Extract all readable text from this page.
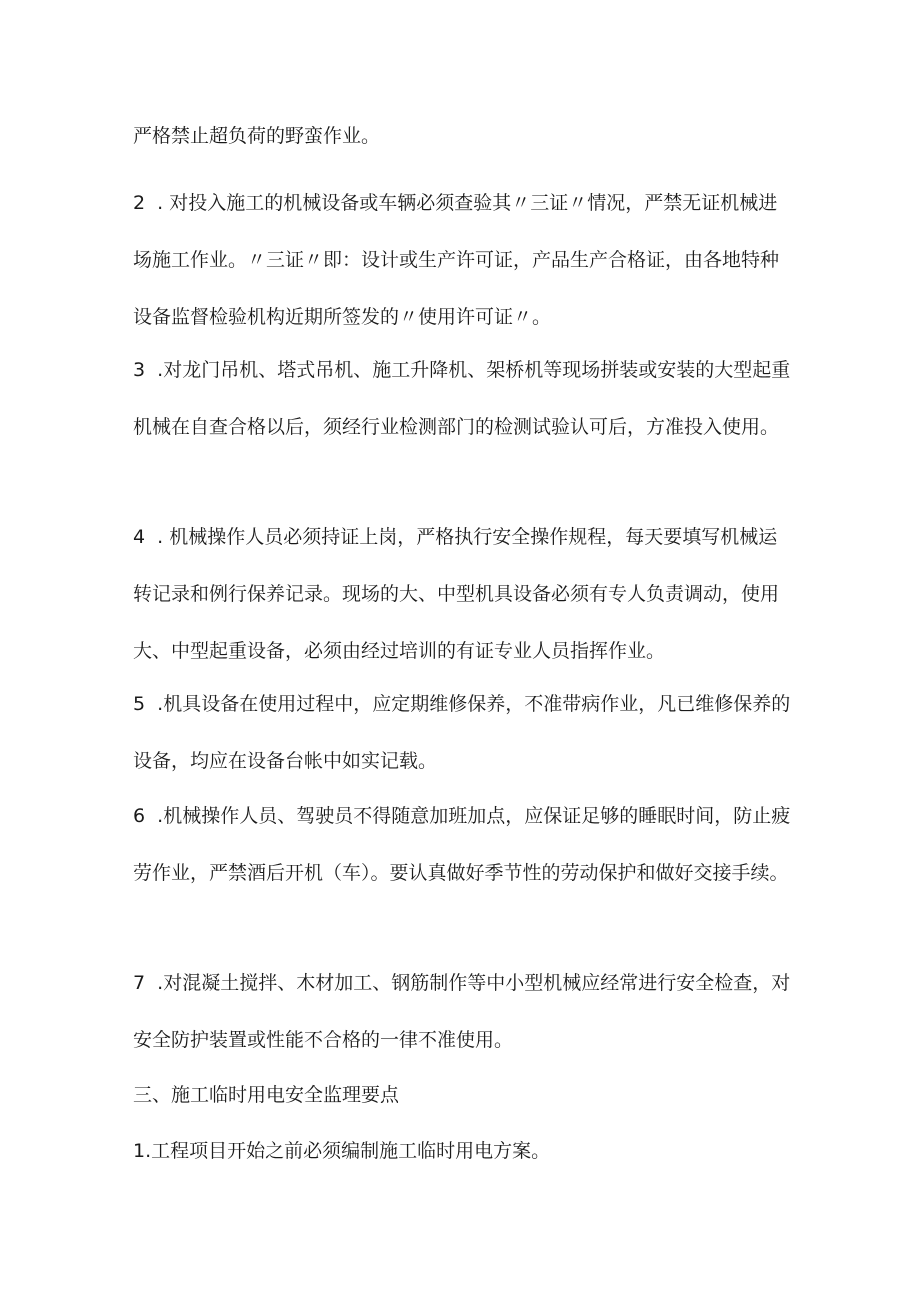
严格禁止超负荷的野蛮作业。

2  . 对投入施工的机械设备或车辆必须查验其〃三证〃情况，严禁无证机械进场施工作业。〃三证〃即：设计或生产许可证，产品生产合格证，由各地特种设备监督检验机构近期所签发的〃使用许可证〃。

3  .对龙门吊机、塔式吊机、施工升降机、架桥机等现场拼装或安装的大型起重机械在自查合格以后，须经行业检测部门的检测试验认可后，方准投入使用。

4  . 机械操作人员必须持证上岗，严格执行安全操作规程，每天要填写机械运转记录和例行保养记录。现场的大、中型机具设备必须有专人负责调动，使用大、中型起重设备，必须由经过培训的有证专业人员指挥作业。

5  .机具设备在使用过程中，应定期维修保养，不准带病作业，凡已维修保养的设备，均应在设备台帐中如实记载。

6  .机械操作人员、驾驶员不得随意加班加点，应保证足够的睡眠时间，防止疲劳作业，严禁酒后开机（车）。要认真做好季节性的劳动保护和做好交接手续。

7  .对混凝土搅拌、木材加工、钢筋制作等中小型机械应经常进行安全检查，对安全防护装置或性能不合格的一律不准使用。

三、施工临时用电安全监理要点

1.工程项目开始之前必须编制施工临时用电方案。
